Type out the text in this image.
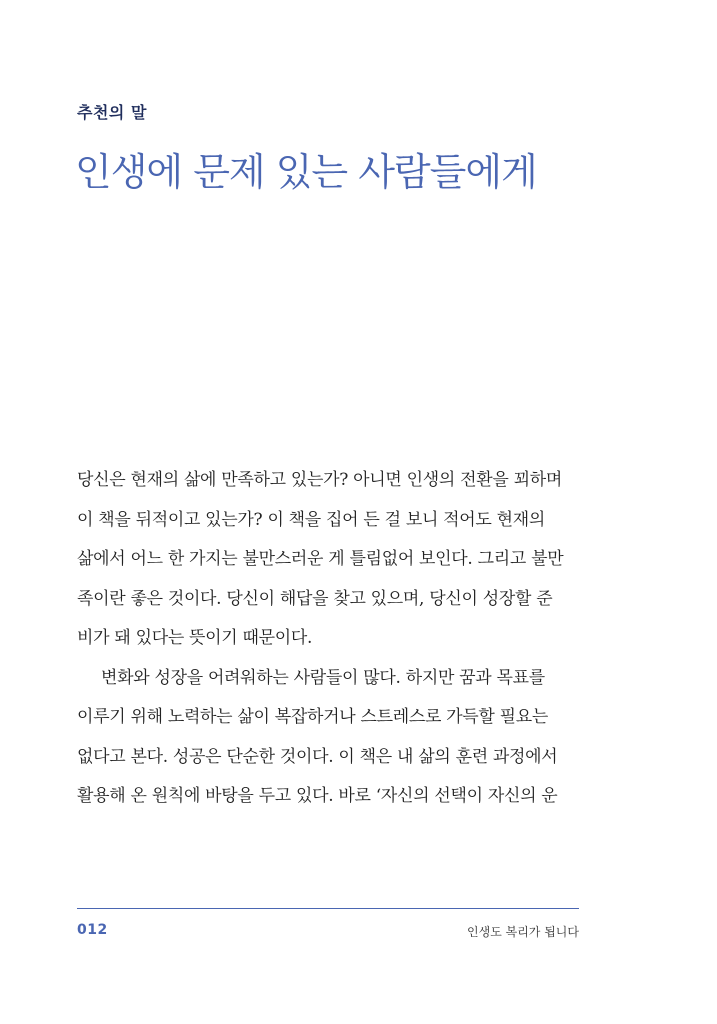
추천의 말
인생에 문제 있는 사람들에게
당신은 현재의 삶에 만족하고 있는가? 아니면 인생의 전환을 꾀하며
이 책을 뒤적이고 있는가? 이 책을 집어 든 걸 보니 적어도 현재의
삶에서 어느 한 가지는 불만스러운 게 틀림없어 보인다. 그리고 불만
족이란 좋은 것이다. 당신이 해답을 찾고 있으며, 당신이 성장할 준
비가 돼 있다는 뜻이기 때문이다.
변화와 성장을 어려워하는 사람들이 많다. 하지만 꿈과 목표를
이루기 위해 노력하는 삶이 복잡하거나 스트레스로 가득할 필요는
없다고 본다. 성공은 단순한 것이다. 이 책은 내 삶의 훈련 과정에서
활용해 온 원칙에 바탕을 두고 있다. 바로 ‘자신의 선택이 자신의 운
012	인생도 복리가 됩니다
